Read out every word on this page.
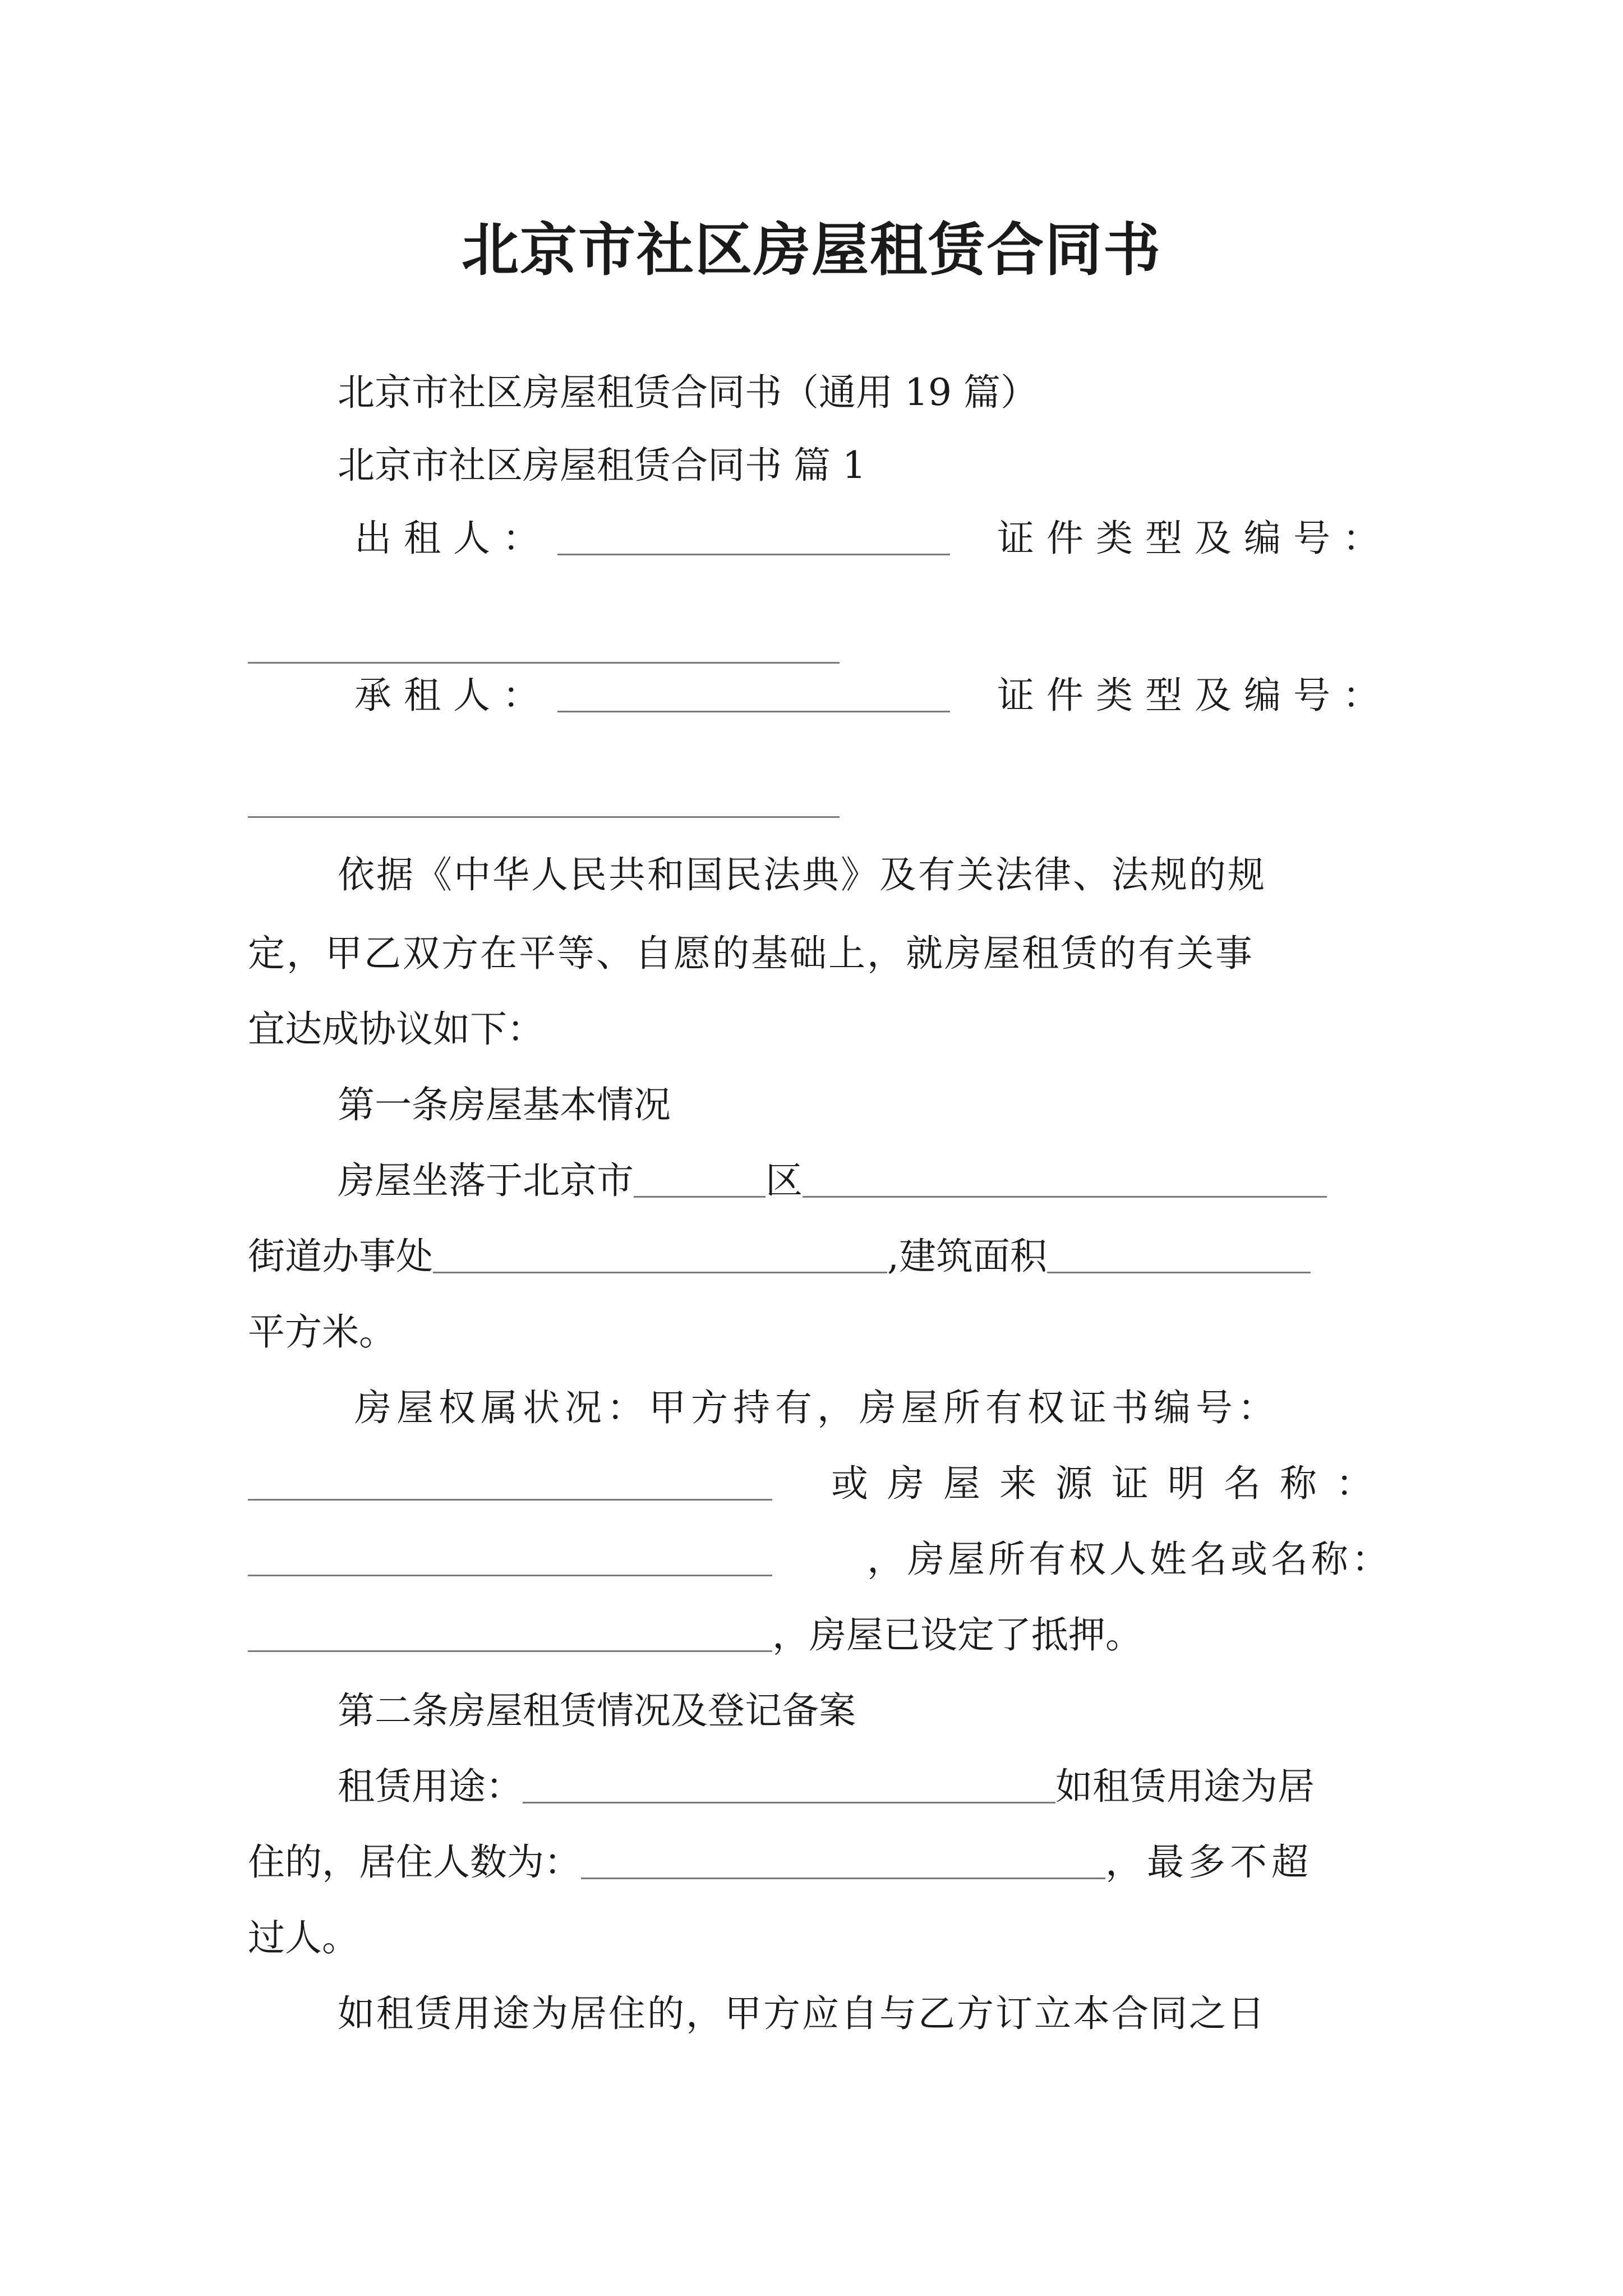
北京市社区房屋租赁合同书
北京市社区房屋租赁合同书（通用 19 篇）
北京市社区房屋租赁合同书 篇 1
出租人：	证件类型及编号：
承租人：	证件类型及编号：
依据《中华人民共和国民法典》及有关法律、法规的规
定，甲乙双方在平等、自愿的基础上，就房屋租赁的有关事
宜达成协议如下：
第一条房屋基本情况
房屋坐落于北京市	区
街道办事处	,建筑面积
平方米。
房屋权属状况：甲方持有，房屋所有权证书编号：
或房屋来源证明名称：
，房屋所有权人姓名或名称：
，房屋已设定了抵押。
第二条房屋租赁情况及登记备案
租赁用途：	如租赁用途为居
住的，居住人数为：	，最多不超
过人。
如租赁用途为居住的，甲方应自与乙方订立本合同之日
